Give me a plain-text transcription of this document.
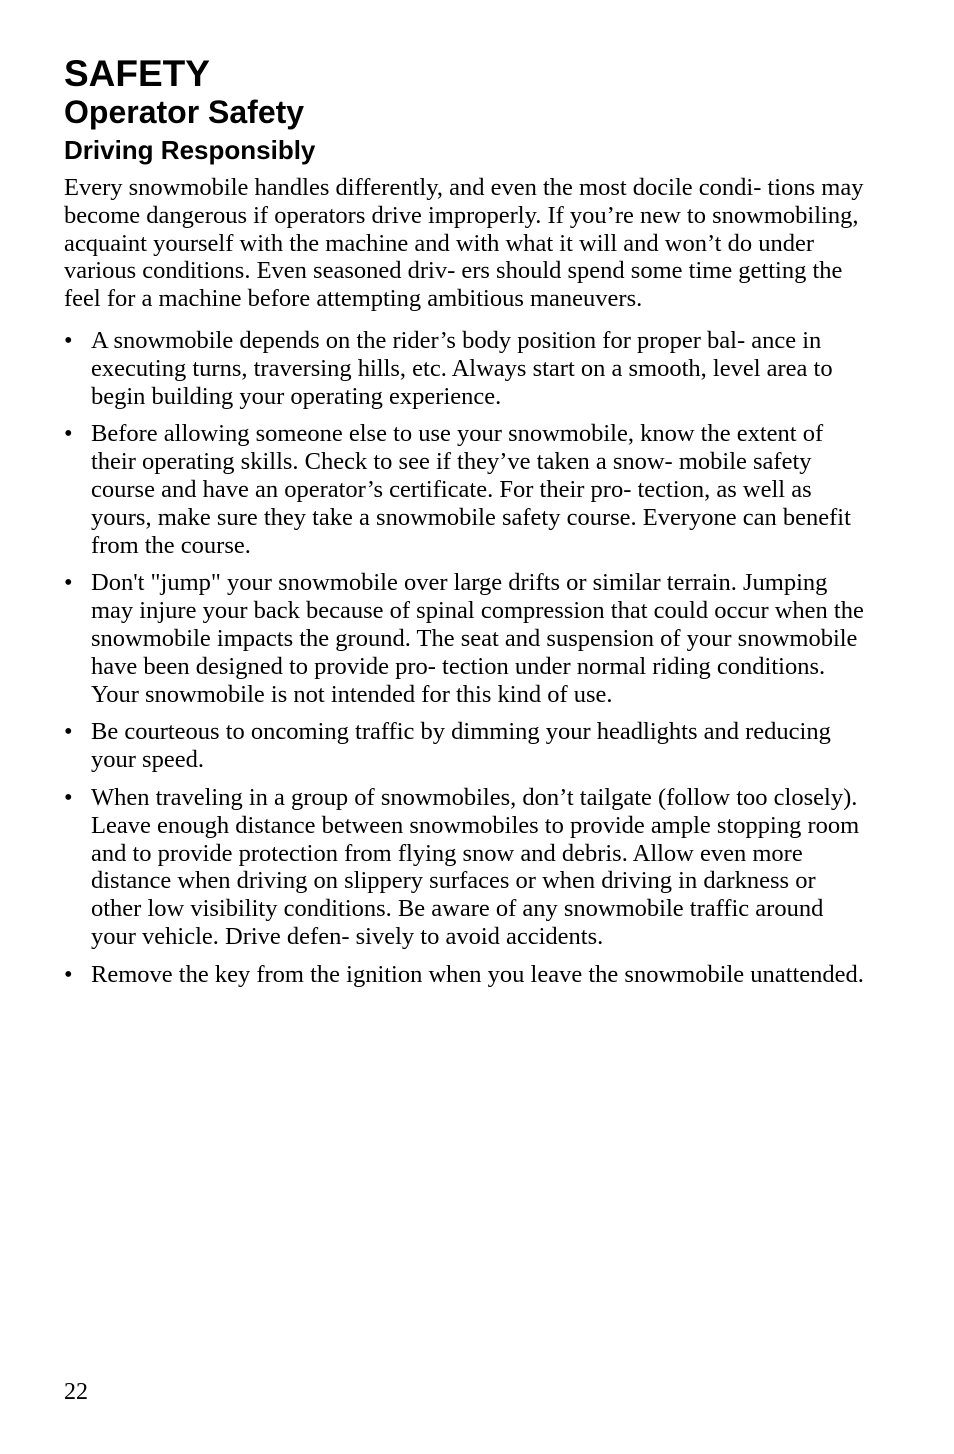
SAFETY
Operator Safety
Driving Responsibly

Every snowmobile handles differently, and even the most docile condi- tions may become dangerous if operators drive improperly. If you’re new to snowmobiling, acquaint yourself with the machine and with what it will and won’t do under various conditions. Even seasoned driv- ers should spend some time getting the feel for a machine before attempting ambitious maneuvers.

• A snowmobile depends on the rider’s body position for proper bal- ance in executing turns, traversing hills, etc. Always start on a smooth, level area to begin building your operating experience.
• Before allowing someone else to use your snowmobile, know the extent of their operating skills. Check to see if they’ve taken a snow- mobile safety course and have an operator’s certificate. For their pro- tection, as well as yours, make sure they take a snowmobile safety course. Everyone can benefit from the course.
• Don't "jump" your snowmobile over large drifts or similar terrain. Jumping may injure your back because of spinal compression that could occur when the snowmobile impacts the ground. The seat and suspension of your snowmobile have been designed to provide pro- tection under normal riding conditions. Your snowmobile is not intended for this kind of use.
• Be courteous to oncoming traffic by dimming your headlights and reducing your speed.
• When traveling in a group of snowmobiles, don’t tailgate (follow too closely). Leave enough distance between snowmobiles to provide ample stopping room and to provide protection from flying snow and debris. Allow even more distance when driving on slippery surfaces or when driving in darkness or other low visibility conditions. Be aware of any snowmobile traffic around your vehicle. Drive defen- sively to avoid accidents.
• Remove the key from the ignition when you leave the snowmobile unattended.
22
